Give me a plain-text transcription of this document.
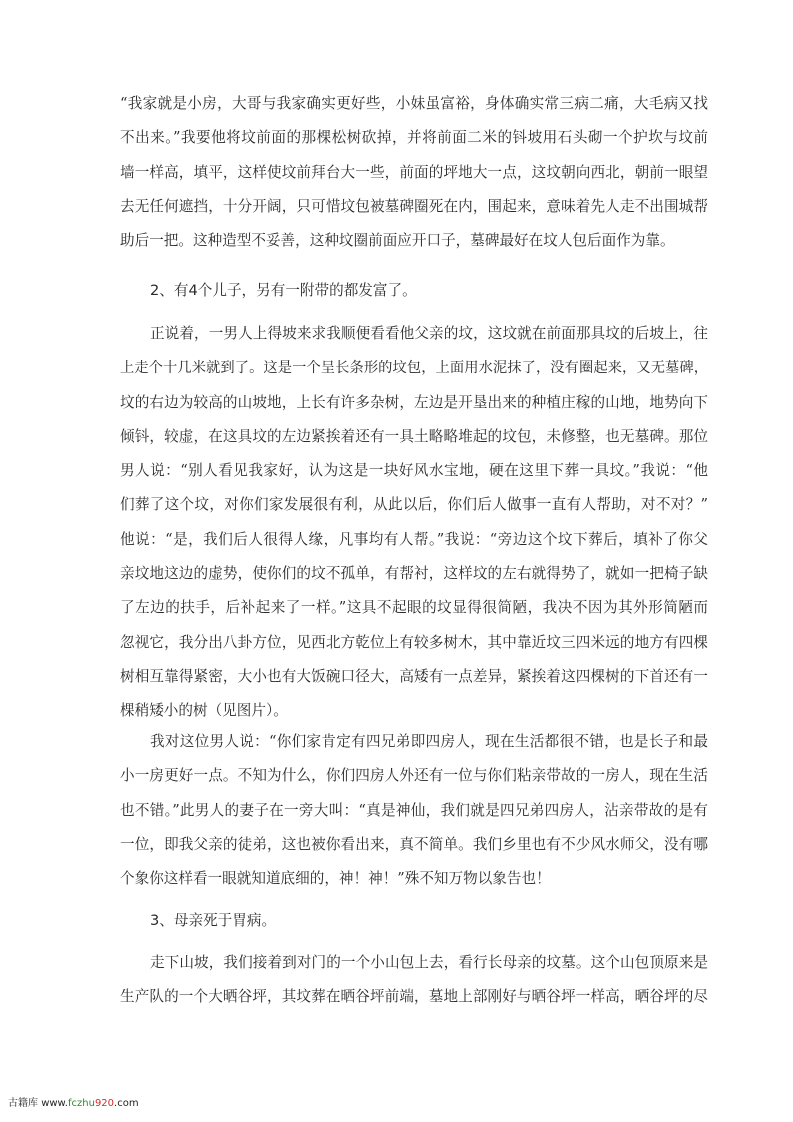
“我家就是小房，大哥与我家确实更好些，小妹虽富裕，身体确实常三病二痛，大毛病又找
不出来。”我要他将坟前面的那棵松树砍掉，并将前面二米的钭坡用石头砌一个护坎与坟前
墙一样高，填平，这样使坟前拜台大一些，前面的坪地大一点，这坟朝向西北，朝前一眼望
去无任何遮挡，十分开阔，只可惜坟包被墓碑圈死在内，围起来，意味着先人走不出围城帮
助后一把。这种造型不妥善，这种坟圈前面应开口子，墓碑最好在坟人包后面作为靠。
2、有4个儿子，另有一附带的都发富了。
正说着，一男人上得坡来求我顺便看看他父亲的坟，这坟就在前面那具坟的后坡上，往
上走个十几米就到了。这是一个呈长条形的坟包，上面用水泥抹了，没有圈起来，又无墓碑，
坟的右边为较高的山坡地，上长有许多杂树，左边是开垦出来的种植庄稼的山地，地势向下
倾钭，较虚，在这具坟的左边紧挨着还有一具土略略堆起的坟包，未修整，也无墓碑。那位
男人说：“别人看见我家好，认为这是一块好风水宝地，硬在这里下葬一具坟。”我说：“他
们葬了这个坟，对你们家发展很有利，从此以后，你们后人做事一直有人帮助，对不对？”
他说：“是，我们后人很得人缘，凡事均有人帮。”我说：“旁边这个坟下葬后，填补了你父
亲坟地这边的虚势，使你们的坟不孤单，有帮衬，这样坟的左右就得势了，就如一把椅子缺
了左边的扶手，后补起来了一样。”这具不起眼的坟显得很简陋，我决不因为其外形简陋而
忽视它，我分出八卦方位，见西北方乾位上有较多树木，其中靠近坟三四米远的地方有四棵
树相互靠得紧密，大小也有大饭碗口径大，高矮有一点差异，紧挨着这四棵树的下首还有一
棵稍矮小的树（见图片）。
我对这位男人说：“你们家肯定有四兄弟即四房人，现在生活都很不错，也是长子和最
小一房更好一点。不知为什么，你们四房人外还有一位与你们粘亲带故的一房人，现在生活
也不错。”此男人的妻子在一旁大叫：“真是神仙，我们就是四兄弟四房人，沾亲带故的是有
一位，即我父亲的徒弟，这也被你看出来，真不简单。我们乡里也有不少风水师父，没有哪
个象你这样看一眼就知道底细的，神！神！”殊不知万物以象告也！
3、母亲死于胃病。
走下山坡，我们接着到对门的一个小山包上去，看行长母亲的坟墓。这个山包顶原来是
生产队的一个大晒谷坪，其坟葬在晒谷坪前端，墓地上部刚好与晒谷坪一样高，晒谷坪的尽
古籍库 www.fczhu920.com
